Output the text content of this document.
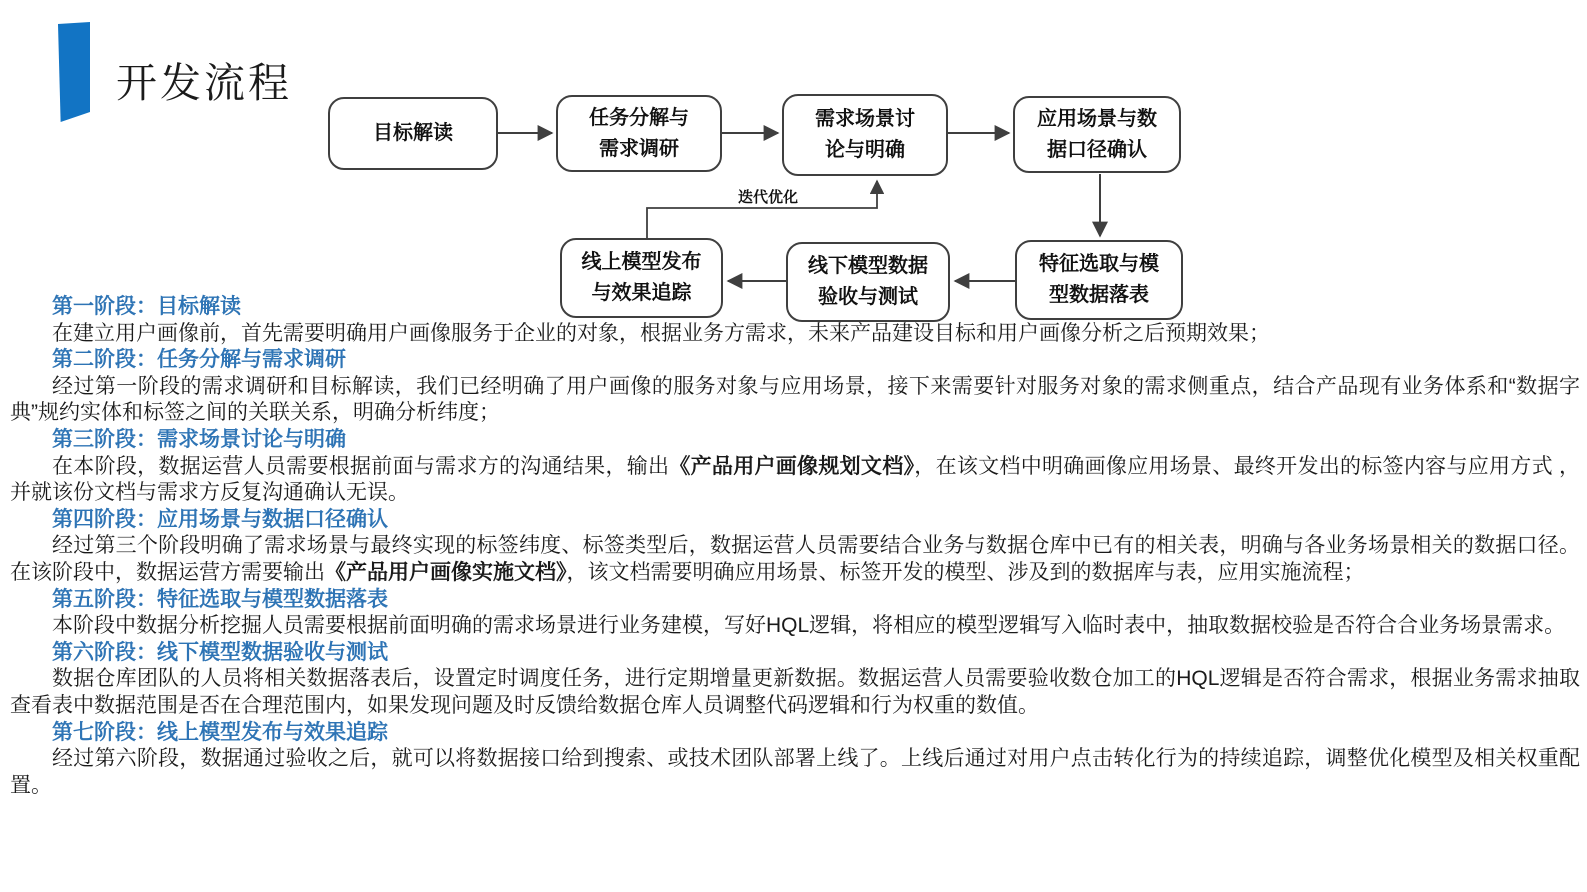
开发流程
目标解读
任务分解与
需求调研
需求场景讨
论与明确
应用场景与数
据口径确认
特征选取与模
型数据落表
线下模型数据
验收与测试
线上模型发布
与效果追踪
迭代优化

第一阶段：目标解读

在建立用户画像前，首先需要明确用户画像服务于企业的对象，根据业务方需求，未来产品建设目标和用户画像分析之后预期效果；

第二阶段：任务分解与需求调研

经过第一阶段的需求调研和目标解读，我们已经明确了用户画像的服务对象与应用场景，接下来需要针对服务对象的需求侧重点，结合产品现有业务体系和“数据字典”规约实体和标签之间的关联关系，明确分析纬度；

第三阶段：需求场景讨论与明确

在本阶段，数据运营人员需要根据前面与需求方的沟通结果，输出《产品用户画像规划文档》，在该文档中明确画像应用场景、最终开发出的标签内容与应用方式 ，并就该份文档与需求方反复沟通确认无误。

第四阶段：应用场景与数据口径确认

经过第三个阶段明确了需求场景与最终实现的标签纬度、标签类型后，数据运营人员需要结合业务与数据仓库中已有的相关表，明确与各业务场景相关的数据口径。在该阶段中，数据运营方需要输出《产品用户画像实施文档》，该文档需要明确应用场景、标签开发的模型、涉及到的数据库与表，应用实施流程；

第五阶段：特征选取与模型数据落表

本阶段中数据分析挖掘人员需要根据前面明确的需求场景进行业务建模，写好HQL逻辑，将相应的模型逻辑写入临时表中，抽取数据校验是否符合合业务场景需求。

第六阶段：线下模型数据验收与测试

数据仓库团队的人员将相关数据落表后，设置定时调度任务，进行定期增量更新数据。数据运营人员需要验收数仓加工的HQL逻辑是否符合需求，根据业务需求抽取查看表中数据范围是否在合理范围内，如果发现问题及时反馈给数据仓库人员调整代码逻辑和行为权重的数值。

第七阶段：线上模型发布与效果追踪

经过第六阶段，数据通过验收之后，就可以将数据接口给到搜索、或技术团队部署上线了。上线后通过对用户点击转化行为的持续追踪，调整优化模型及相关权重配置。
